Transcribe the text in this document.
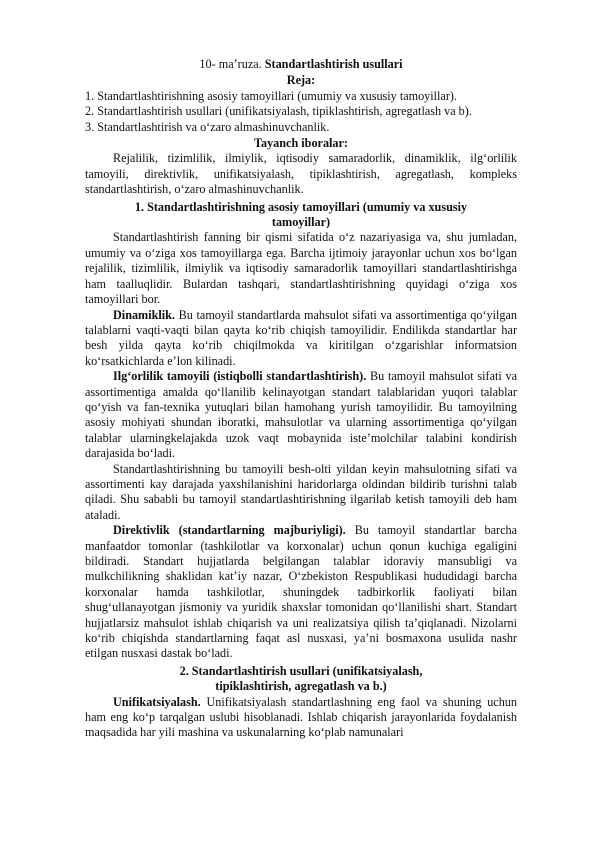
10- ma’ruza. Standartlashtirish usullari
Reja:
1. Standartlashtirishning asosiy tamoyillari (umumiy va xususiy tamoyillar).
2. Standartlashtirish usullari (unifikatsiyalash, tipiklashtirish, agregatlash va b).
3. Standartlashtirish va o‘zaro almashinuvchanlik.
Tayanch iboralar:

Rejalilik, tizimlilik, ilmiylik, iqtisodiy samaradorlik, dinamiklik, ilg‘orlilik tamoyili, direktivlik, unifikatsiyalash, tipiklashtirish, agregatlash, kompleks standartlashtirish, o‘zaro almashinuvchanlik.

1. Standartlashtirishning asosiy tamoyillari (umumiy va xususiy
tamoyillar)

Standartlashtirish fanning bir qismi sifatida o‘z nazariyasiga va, shu jumladan, umumiy va o‘ziga xos tamoyillarga ega. Barcha ijtimoiy jarayonlar uchun xos bo‘lgan rejalilik, tizimlilik, ilmiylik va iqtisodiy samaradorlik tamoyillari standartlashtirishga ham taalluqlidir. Bulardan tashqari, standartlashtirishning quyidagi o‘ziga xos tamoyillari bor.

Dinamiklik. Bu tamoyil standartlarda mahsulot sifati va assortimentiga qo‘yilgan talablarni vaqti-vaqti bilan qayta ko‘rib chiqish tamoyilidir. Endilikda standartlar har besh yilda qayta ko‘rib chiqilmokda va kiritilgan o‘zgarishlar informatsion ko‘rsatkichlarda e’lon kilinadi.

Ilg‘orlilik tamoyili (istiqbolli standartlashtirish). Bu tamoyil mahsulot sifati va assortimentiga amalda qo‘llanilib kelinayotgan standart talablaridan yuqori talablar qo‘yish va fan-texnika yutuqlari bilan hamohang yurish tamoyilidir. Bu tamoyilning asosiy mohiyati shundan iboratki, mahsulotlar va ularning assortimentiga qo‘yilgan talablar ularningkelajakda uzok vaqt mobaynida iste’molchilar talabini kondirish darajasida bo‘ladi.

Standartlashtirishning bu tamoyili besh-olti yildan keyin mahsulotning sifati va assortimenti kay darajada yaxshilanishini haridorlarga oldindan bildirib turishni talab qiladi. Shu sababli bu tamoyil standartlashtirishning ilgarilab ketish tamoyili deb ham ataladi.

Direktivlik (standartlarning majburiyligi). Bu tamoyil standartlar barcha manfaatdor tomonlar (tashkilotlar va korxonalar) uchun qonun kuchiga egaligini bildiradi. Standart hujjatlarda belgilangan talablar idoraviy mansubligi va mulkchilikning shaklidan kat’iy nazar, O‘zbekiston Respublikasi hududidagi barcha korxonalar hamda tashkilotlar, shuningdek tadbirkorlik faoliyati bilan shug‘ullanayotgan jismoniy va yuridik shaxslar tomonidan qo‘llanilishi shart. Standart hujjatlarsiz mahsulot ishlab chiqarish va uni realizatsiya qilish ta’qiqlanadi. Nizolarni ko‘rib chiqishda standartlarning faqat asl nusxasi, ya’ni bosmaxona usulida nashr etilgan nusxasi dastak bo‘ladi.

2. Standartlashtirish usullari (unifikatsiyalash,
tipiklashtirish, agregatlash va b.)

Unifikatsiyalash. Unifikatsiyalash standartlashning eng faol va shuning uchun ham eng ko‘p tarqalgan uslubi hisoblanadi. Ishlab chiqarish jarayonlarida foydalanish maqsadida har yili mashina va uskunalarning ko‘plab namunalari
